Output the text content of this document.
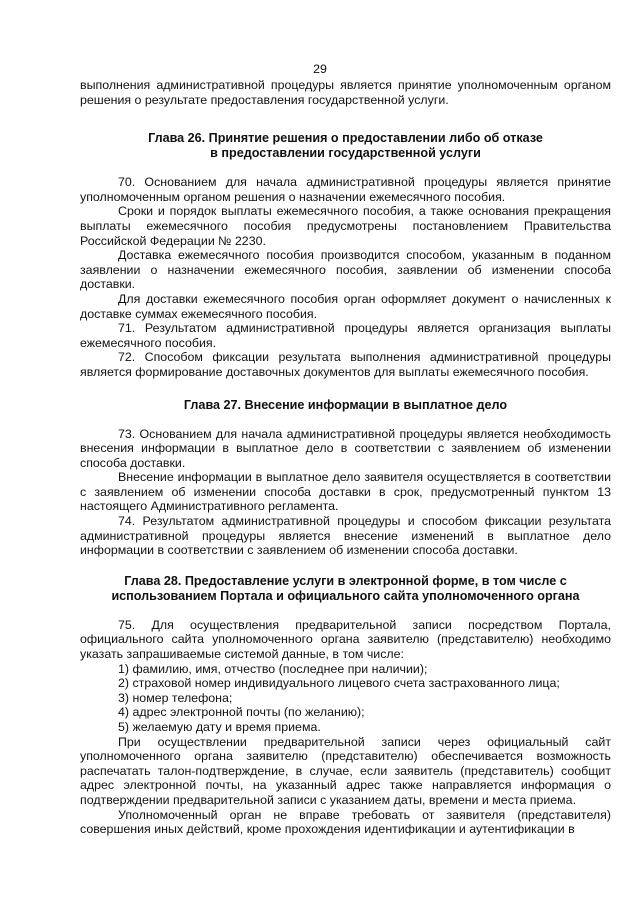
29

выполнения административной процедуры является принятие уполномоченным органом решения о результате предоставления государственной услуги.

Глава 26. Принятие решения о предоставлении либо об отказе
в предоставлении государственной услуги

70. Основанием для начала административной процедуры является принятие уполномоченным органом решения о назначении ежемесячного пособия.

Сроки и порядок выплаты ежемесячного пособия, а также основания прекращения выплаты ежемесячного пособия предусмотрены постановлением Правительства Российской Федерации № 2230.

Доставка ежемесячного пособия производится способом, указанным в поданном заявлении о назначении ежемесячного пособия, заявлении об изменении способа доставки.

Для доставки ежемесячного пособия орган оформляет документ о начисленных к доставке суммах ежемесячного пособия.

71. Результатом административной процедуры является организация выплаты ежемесячного пособия.

72. Способом фиксации результата выполнения административной процедуры является формирование доставочных документов для выплаты ежемесячного пособия.

Глава 27. Внесение информации в выплатное дело

73. Основанием для начала административной процедуры является необходимость внесения информации в выплатное дело в соответствии с заявлением об изменении способа доставки.

Внесение информации в выплатное дело заявителя осуществляется в соответствии с заявлением об изменении способа доставки в срок, предусмотренный пунктом 13 настоящего Административного регламента.

74. Результатом административной процедуры и способом фиксации результата административной процедуры является внесение изменений в выплатное дело информации в соответствии с заявлением об изменении способа доставки.

Глава 28. Предоставление услуги в электронной форме, в том числе с
использованием Портала и официального сайта уполномоченного органа

75. Для осуществления предварительной записи посредством Портала, официального сайта уполномоченного органа заявителю (представителю) необходимо указать запрашиваемые системой данные, в том числе:

1) фамилию, имя, отчество (последнее при наличии);

2) страховой номер индивидуального лицевого счета застрахованного лица;

3) номер телефона;

4) адрес электронной почты (по желанию);

5) желаемую дату и время приема.

При осуществлении предварительной записи через официальный сайт уполномоченного органа заявителю (представителю) обеспечивается возможность распечатать талон-подтверждение, в случае, если заявитель (представитель) сообщит адрес электронной почты, на указанный адрес также направляется информация о подтверждении предварительной записи с указанием даты, времени и места приема.

Уполномоченный орган не вправе требовать от заявителя (представителя) совершения иных действий, кроме прохождения идентификации и аутентификации в
